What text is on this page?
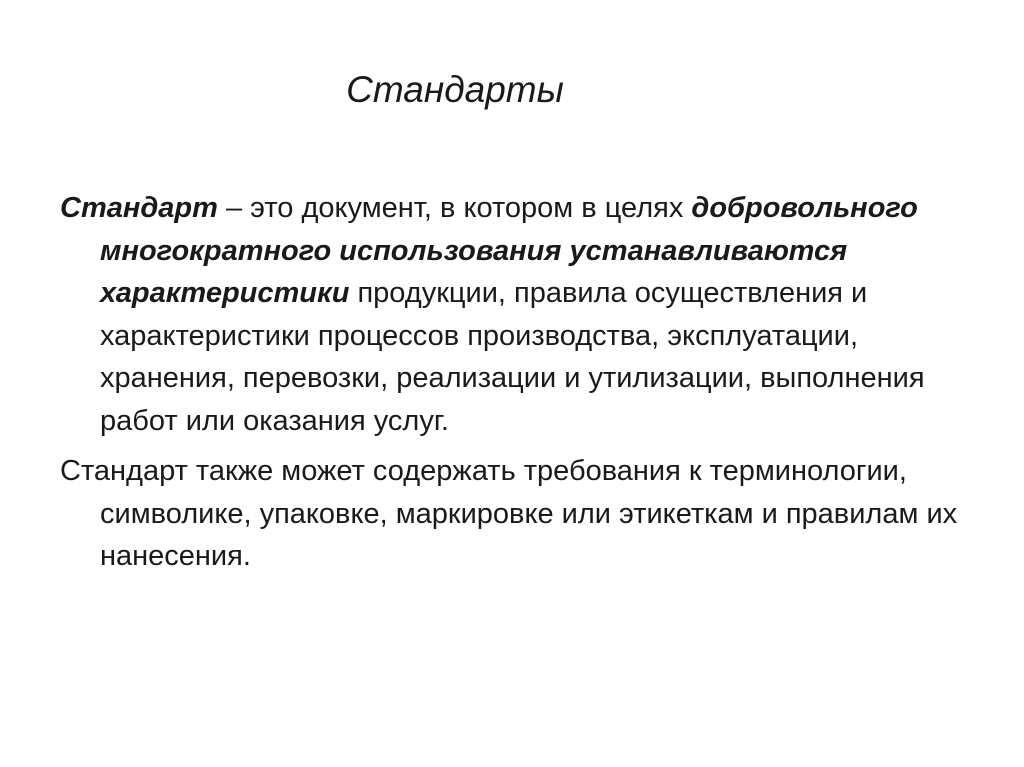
Стандарты

Стандарт – это документ, в котором в целях добровольного многократного использования устанавливаются характеристики продукции, правила осуществления и характеристики процессов производства, эксплуатации, хранения, перевозки, реализации и утилизации, выполнения работ или оказания услуг.

Стандарт также может содержать требования к терминологии, символике, упаковке, маркировке или этикеткам и правилам их нанесения.
